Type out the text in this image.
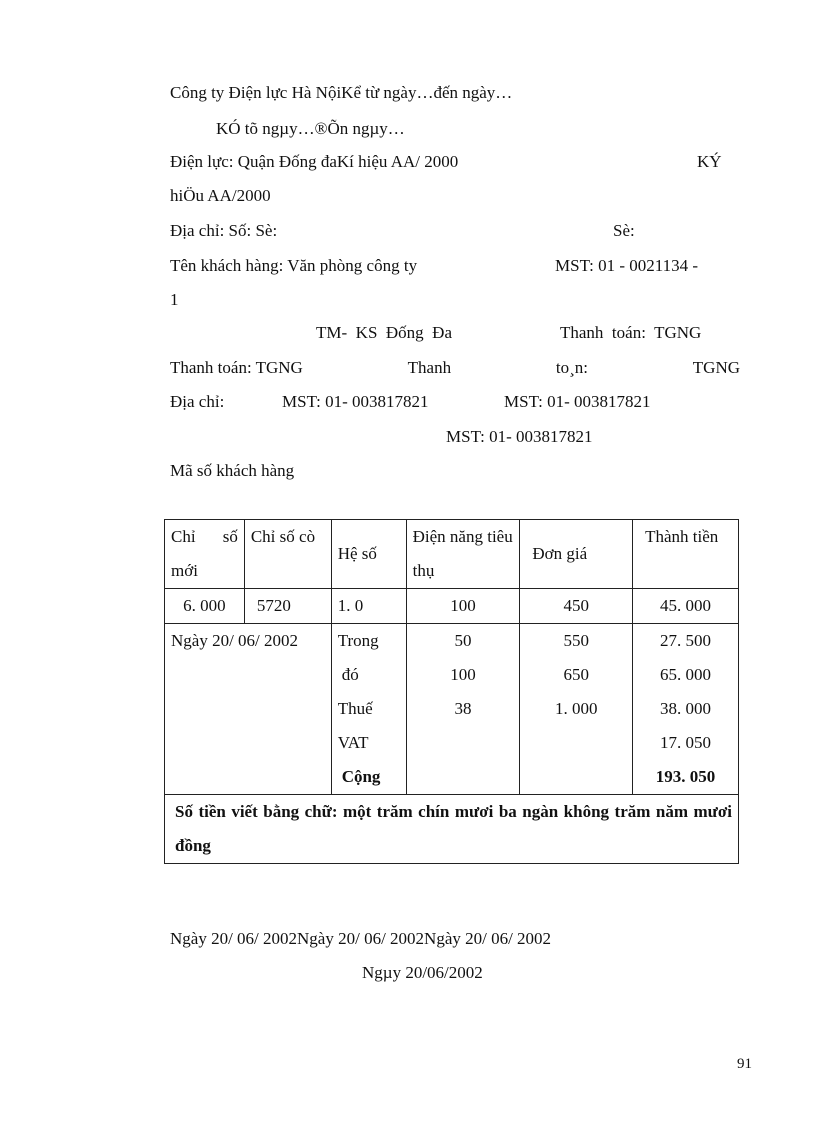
Công ty Điện lực Hà NộiKể từ ngày…đến ngày…
KÓ tõ ngµy…®Õn ngµy…
Điện lực: Quận Đống đaKí hiệu AA/ 2000	KÝ
hiÖu AA/2000
Địa chỉ: Số: Sè:	Sè:
Tên khách hàng: Văn phòng công ty	MST: 01 - 0021134 -
1
TM-  KS  Đống  Đa	Thanh  toán:  TGNG
Thanh toán: TGNG	Thanh	to¸n:	TGNG
Địa chỉ:	MST: 01- 003817821	MST: 01- 003817821
MST: 01- 003817821
Mã số khách hàng
Chỉ số mới	Chỉ số cò	Hệ số	Điện năng tiêu thụ	Đơn giá	Thành tiền
6. 000	5720	1. 0	100	450	45. 000
Ngày 20/ 06/ 2002		Trong	50	550	27. 500

		đó	100	650	65. 000
		Thuế	38	1. 000	38. 000
		VAT			17. 050
		Cộng			193. 050
Số tiền viết bằng chữ: một trăm chín mươi ba ngàn không trăm năm mươi đồng					
Ngày 20/ 06/ 2002Ngày 20/ 06/ 2002Ngày 20/ 06/ 2002
Ngµy 20/06/2002
91
